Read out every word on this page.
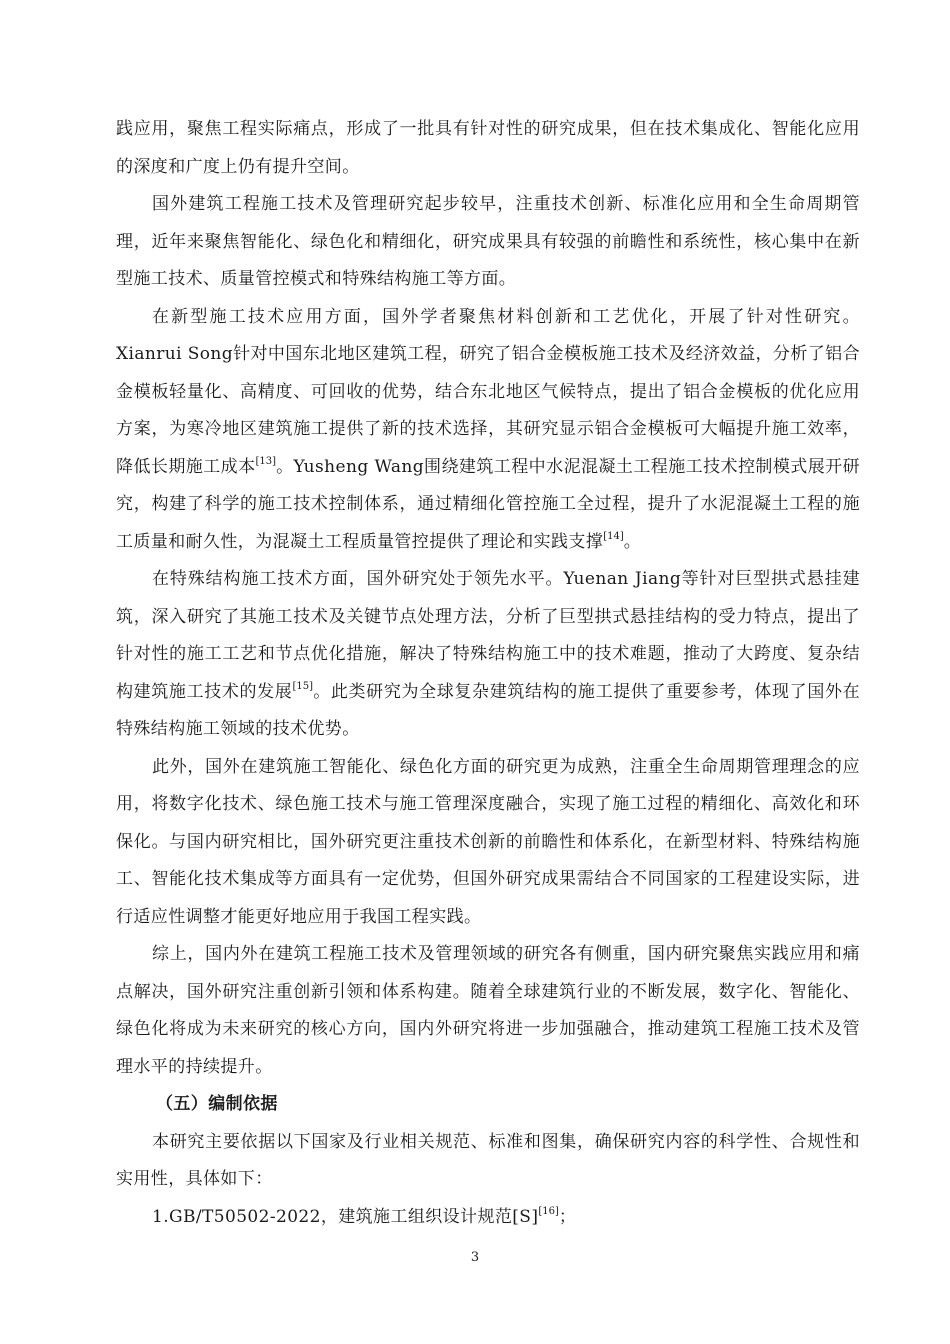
践应用，聚焦工程实际痛点，形成了一批具有针对性的研究成果，但在技术集成化、智能化应用的深度和广度上仍有提升空间。

国外建筑工程施工技术及管理研究起步较早，注重技术创新、标准化应用和全生命周期管理，近年来聚焦智能化、绿色化和精细化，研究成果具有较强的前瞻性和系统性，核心集中在新型施工技术、质量管控模式和特殊结构施工等方面。

在新型施工技术应用方面，国外学者聚焦材料创新和工艺优化，开展了针对性研究。Xianrui Song针对中国东北地区建筑工程，研究了铝合金模板施工技术及经济效益，分析了铝合金模板轻量化、高精度、可回收的优势，结合东北地区气候特点，提出了铝合金模板的优化应用方案，为寒冷地区建筑施工提供了新的技术选择，其研究显示铝合金模板可大幅提升施工效率，降低长期施工成本[13]。Yusheng Wang围绕建筑工程中水泥混凝土工程施工技术控制模式展开研究，构建了科学的施工技术控制体系，通过精细化管控施工全过程，提升了水泥混凝土工程的施工质量和耐久性，为混凝土工程质量管控提供了理论和实践支撑[14]。

在特殊结构施工技术方面，国外研究处于领先水平。Yuenan Jiang等针对巨型拱式悬挂建筑，深入研究了其施工技术及关键节点处理方法，分析了巨型拱式悬挂结构的受力特点，提出了针对性的施工工艺和节点优化措施，解决了特殊结构施工中的技术难题，推动了大跨度、复杂结构建筑施工技术的发展[15]。此类研究为全球复杂建筑结构的施工提供了重要参考，体现了国外在特殊结构施工领域的技术优势。

此外，国外在建筑施工智能化、绿色化方面的研究更为成熟，注重全生命周期管理理念的应用，将数字化技术、绿色施工技术与施工管理深度融合，实现了施工过程的精细化、高效化和环保化。与国内研究相比，国外研究更注重技术创新的前瞻性和体系化，在新型材料、特殊结构施工、智能化技术集成等方面具有一定优势，但国外研究成果需结合不同国家的工程建设实际，进行适应性调整才能更好地应用于我国工程实践。

综上，国内外在建筑工程施工技术及管理领域的研究各有侧重，国内研究聚焦实践应用和痛点解决，国外研究注重创新引领和体系构建。随着全球建筑行业的不断发展，数字化、智能化、绿色化将成为未来研究的核心方向，国内外研究将进一步加强融合，推动建筑工程施工技术及管理水平的持续提升。

（五）编制依据

本研究主要依据以下国家及行业相关规范、标准和图集，确保研究内容的科学性、合规性和实用性，具体如下：

1.GB/T50502-2022，建筑施工组织设计规范[S][16]；

3
